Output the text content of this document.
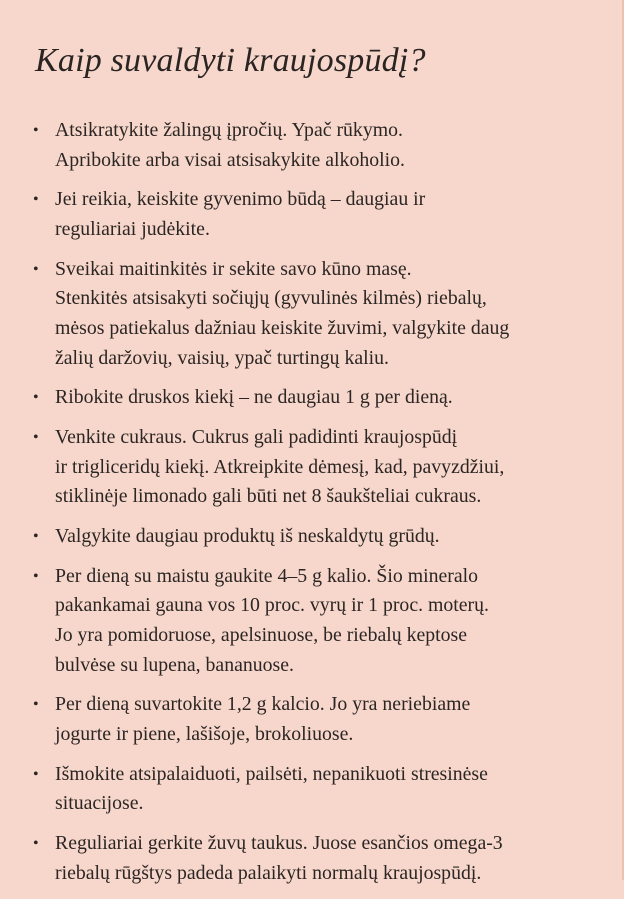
Kaip suvaldyti kraujospūdį?
• Atsikratykite žalingų įpročių. Ypač rūkymo.
Apribokite arba visai atsisakykite alkoholio.
• Jei reikia, keiskite gyvenimo būdą – daugiau ir
reguliariai judėkite.
• Sveikai maitinkitės ir sekite savo kūno masę.
Stenkitės atsisakyti sočiųjų (gyvulinės kilmės) riebalų,
mėsos patiekalus dažniau keiskite žuvimi, valgykite daug
žalių daržovių, vaisių, ypač turtingų kaliu.
• Ribokite druskos kiekį – ne daugiau 1 g per dieną.
• Venkite cukraus. Cukrus gali padidinti kraujospūdį
ir trigliceridų kiekį. Atkreipkite dėmesį, kad, pavyzdžiui,
stiklinėje limonado gali būti net 8 šaukšteliai cukraus.
• Valgykite daugiau produktų iš neskaldytų grūdų.
• Per dieną su maistu gaukite 4–5 g kalio. Šio mineralo
pakankamai gauna vos 10 proc. vyrų ir 1 proc. moterų.
Jo yra pomidoruose, apelsinuose, be riebalų keptose
bulvėse su lupena, bananuose.
• Per dieną suvartokite 1,2 g kalcio. Jo yra neriebiame
jogurte ir piene, lašišoje, brokoliuose.
• Išmokite atsipalaiduoti, pailsėti, nepanikuoti stresinėse
situacijose.
• Reguliariai gerkite žuvų taukus. Juose esančios omega-3
riebalų rūgštys padeda palaikyti normalų kraujospūdį.
